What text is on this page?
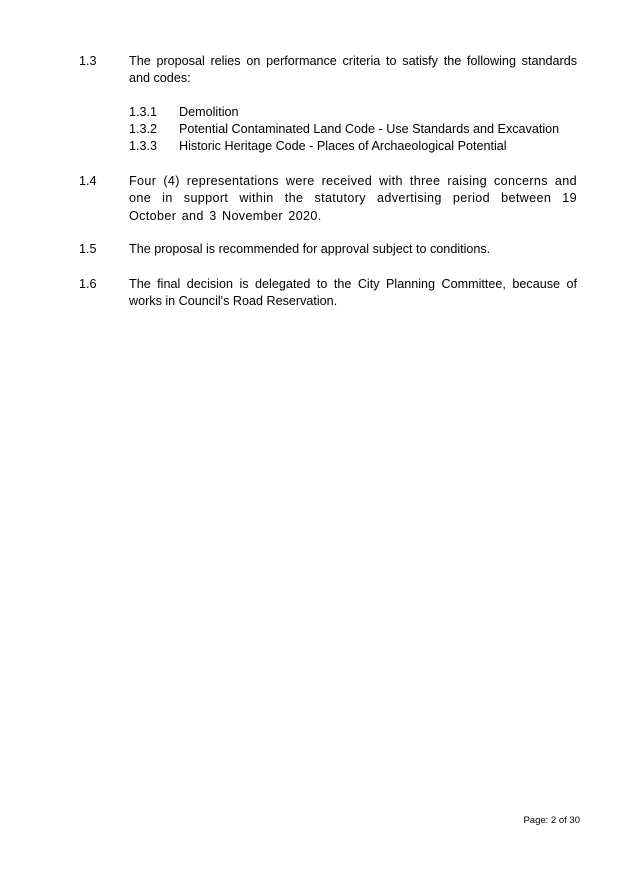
1.3	The proposal relies on performance criteria to satisfy the following standards and codes:
1.3.1 Demolition
1.3.2 Potential Contaminated Land Code - Use Standards and Excavation
1.3.3 Historic Heritage Code - Places of Archaeological Potential
1.4	Four (4) representations were received with three raising concerns and one in support within the statutory advertising period between 19 October and 3 November 2020.
1.5	The proposal is recommended for approval subject to conditions.
1.6	The final decision is delegated to the City Planning Committee, because of works in Council's Road Reservation.
Page: 2 of 30
